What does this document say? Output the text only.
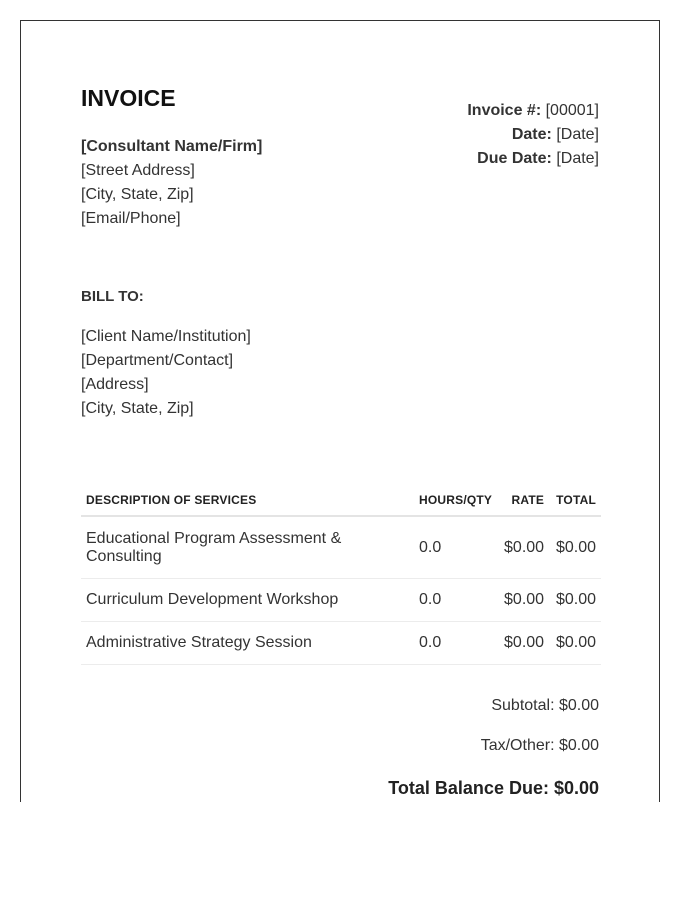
INVOICE
[Consultant Name/Firm]
[Street Address]
[City, State, Zip]
[Email/Phone]
Invoice #: [00001]
Date: [Date]
Due Date: [Date]
BILL TO:
[Client Name/Institution]
[Department/Contact]
[Address]
[City, State, Zip]
DESCRIPTION OF SERVICES	HOURS/QTY	RATE	TOTAL
Educational Program Assessment & Consulting	0.0	$0.00	$0.00
Curriculum Development Workshop	0.0	$0.00	$0.00
Administrative Strategy Session	0.0	$0.00	$0.00
Subtotal: $0.00
Tax/Other: $0.00
Total Balance Due: $0.00
